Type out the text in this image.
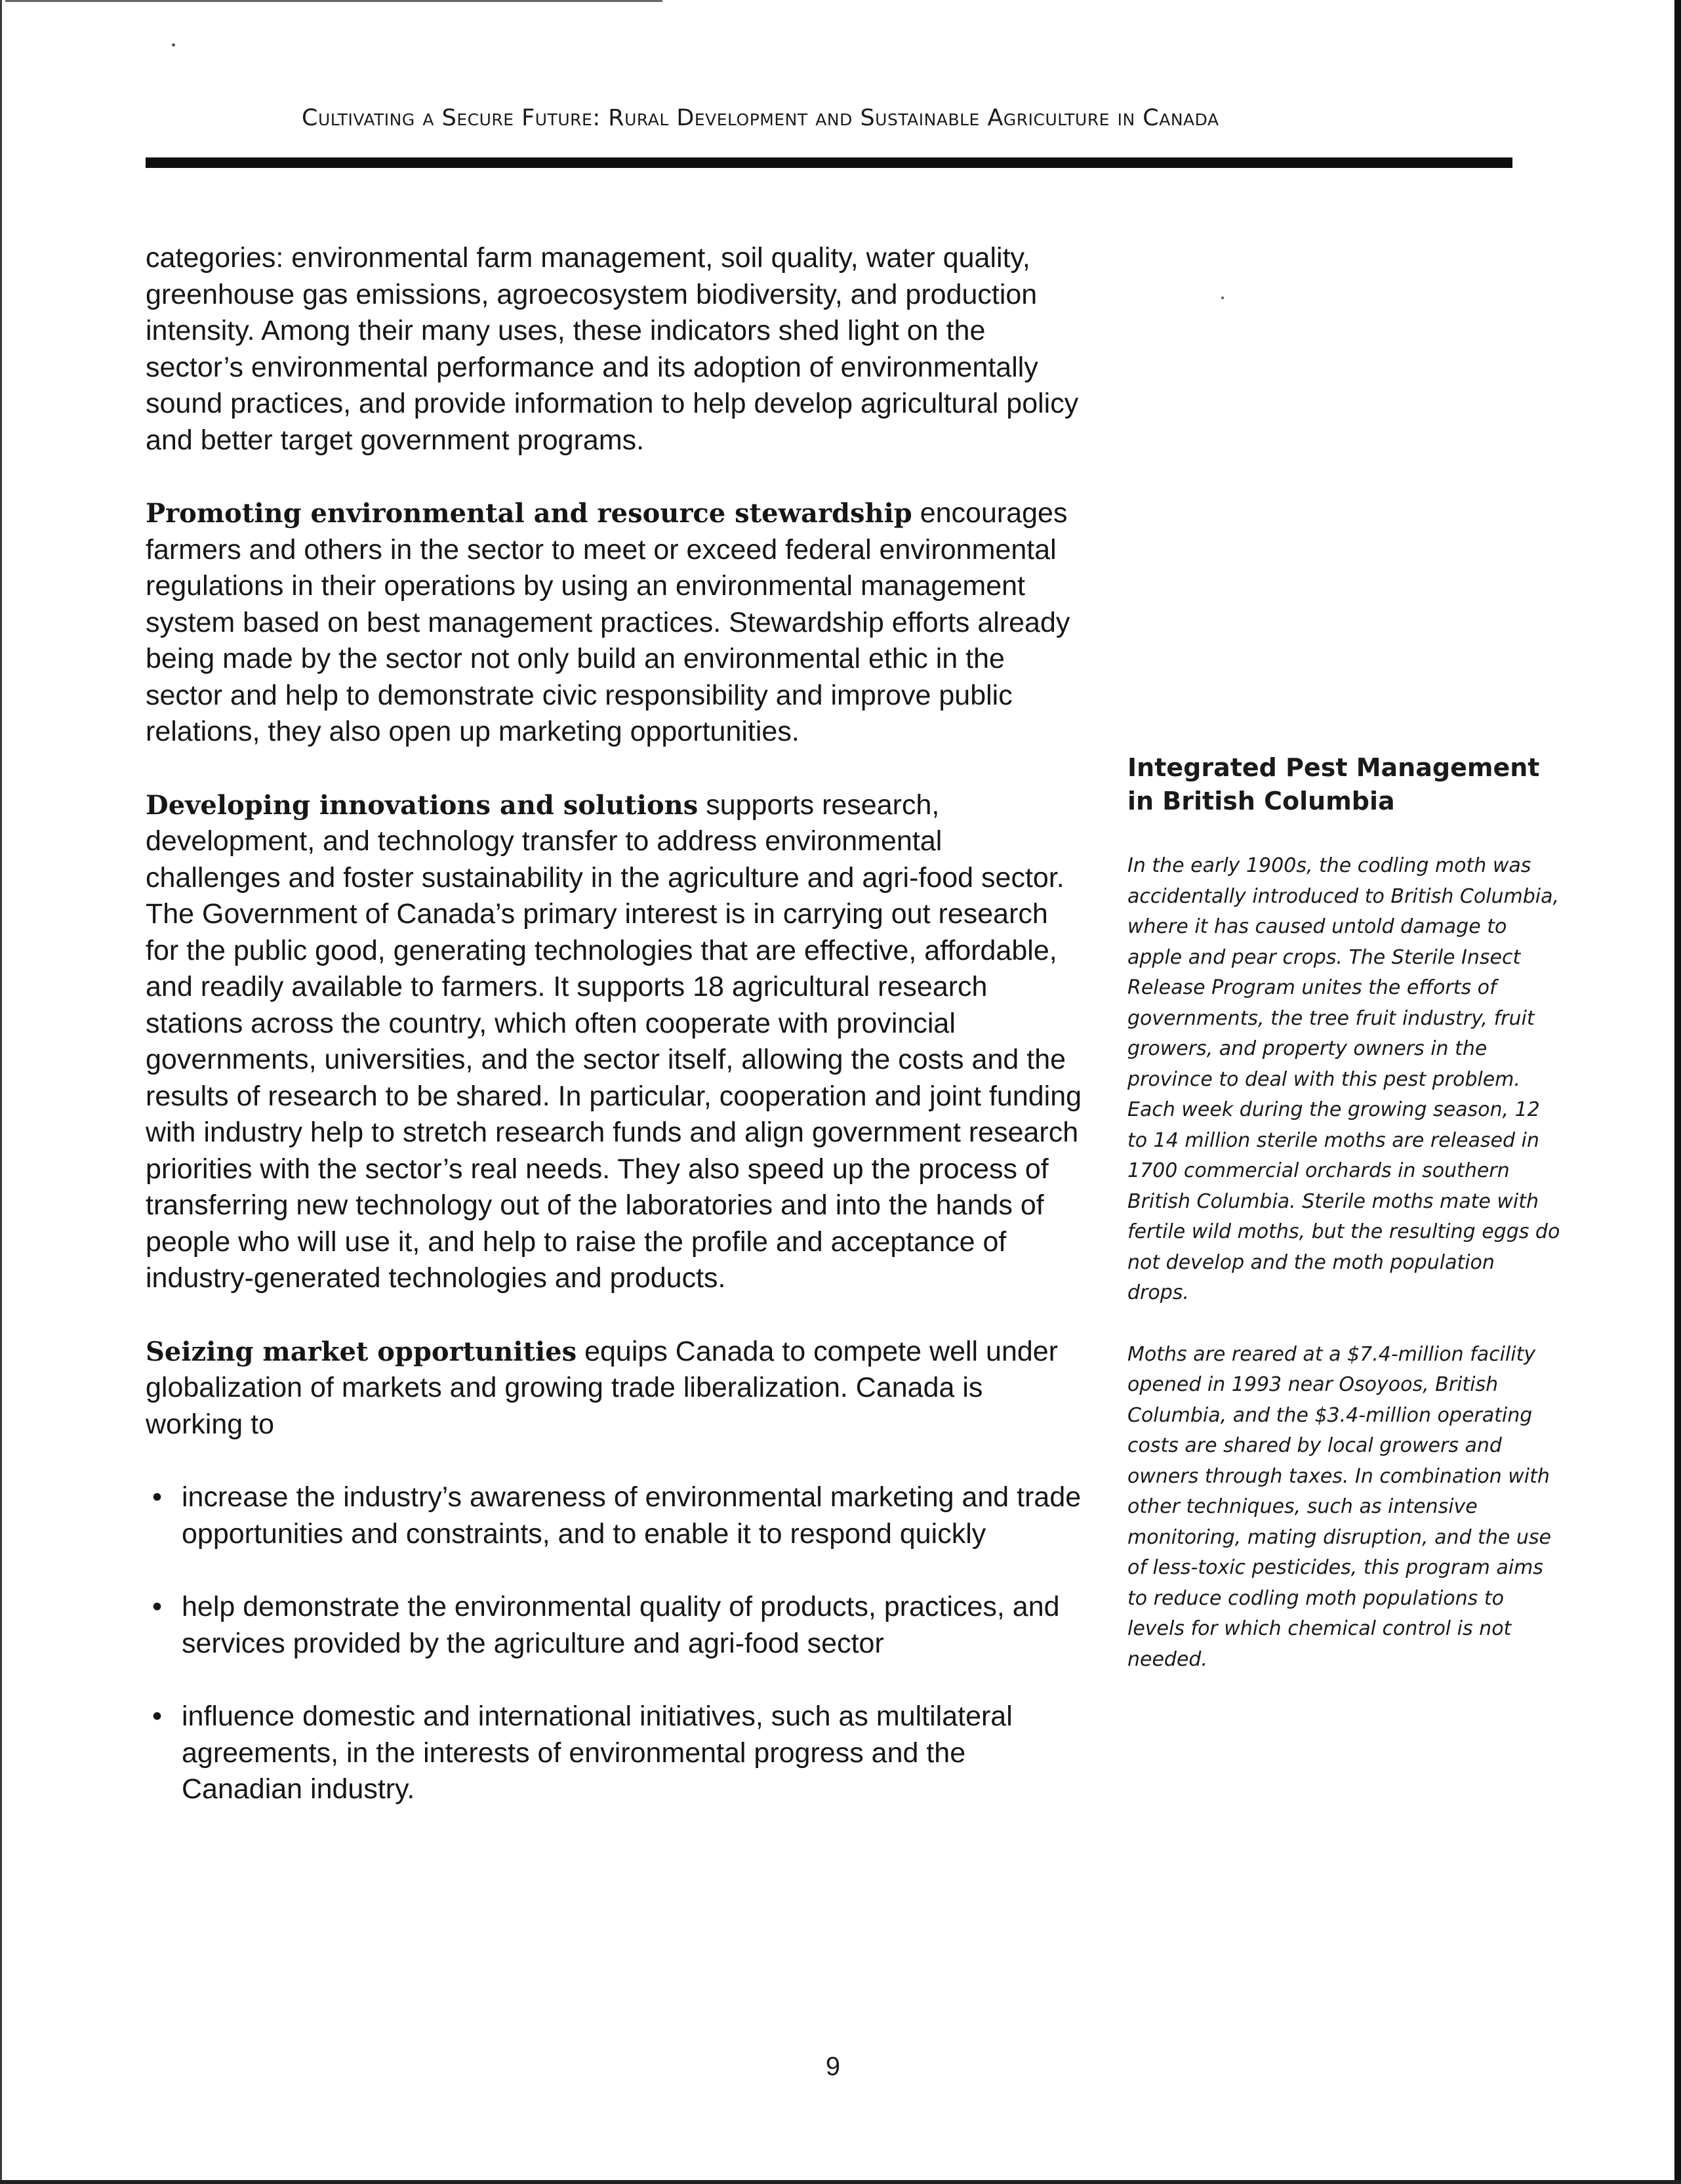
Cultivating a Secure Future: Rural Development and Sustainable Agriculture in Canada

categories: environmental farm management, soil quality, water quality, greenhouse gas emissions, agroecosystem biodiversity, and production intensity. Among their many uses, these indicators shed light on the sector’s environmental performance and its adoption of environmentally sound practices, and provide information to help develop agricultural policy and better target government programs.

Promoting environmental and resource stewardship encourages farmers and others in the sector to meet or exceed federal environmental regulations in their operations by using an environmental management system based on best management practices. Stewardship efforts already being made by the sector not only build an environmental ethic in the sector and help to demonstrate civic responsibility and improve public relations, they also open up marketing opportunities.

Developing innovations and solutions supports research, development, and technology transfer to address environmental challenges and foster sustainability in the agriculture and agri-food sector. The Government of Canada’s primary interest is in carrying out research for the public good, generating technologies that are effective, affordable, and readily available to farmers. It supports 18 agricultural research stations across the country, which often cooperate with provincial governments, universities, and the sector itself, allowing the costs and the results of research to be shared. In particular, cooperation and joint funding with industry help to stretch research funds and align government research priorities with the sector’s real needs. They also speed up the process of transferring new technology out of the laboratories and into the hands of people who will use it, and help to raise the profile and acceptance of industry-generated technologies and products.

Seizing market opportunities equips Canada to compete well under globalization of markets and growing trade liberalization. Canada is working to

• increase the industry’s awareness of environmental marketing and trade opportunities and constraints, and to enable it to respond quickly
• help demonstrate the environmental quality of products, practices, and services provided by the agriculture and agri-food sector
• influence domestic and international initiatives, such as multilateral agreements, in the interests of environmental progress and the Canadian industry.
Integrated Pest Management in British Columbia

In the early 1900s, the codling moth was accidentally introduced to British Columbia, where it has caused untold damage to apple and pear crops. The Sterile Insect Release Program unites the efforts of governments, the tree fruit industry, fruit growers, and property owners in the province to deal with this pest problem. Each week during the growing season, 12 to 14 million sterile moths are released in 1700 commercial orchards in southern British Columbia. Sterile moths mate with fertile wild moths, but the resulting eggs do not develop and the moth population drops.

Moths are reared at a $7.4-million facility opened in 1993 near Osoyoos, British Columbia, and the $3.4-million operating costs are shared by local growers and owners through taxes. In combination with other techniques, such as intensive monitoring, mating disruption, and the use of less-toxic pesticides, this program aims to reduce codling moth populations to levels for which chemical control is not needed.

9
